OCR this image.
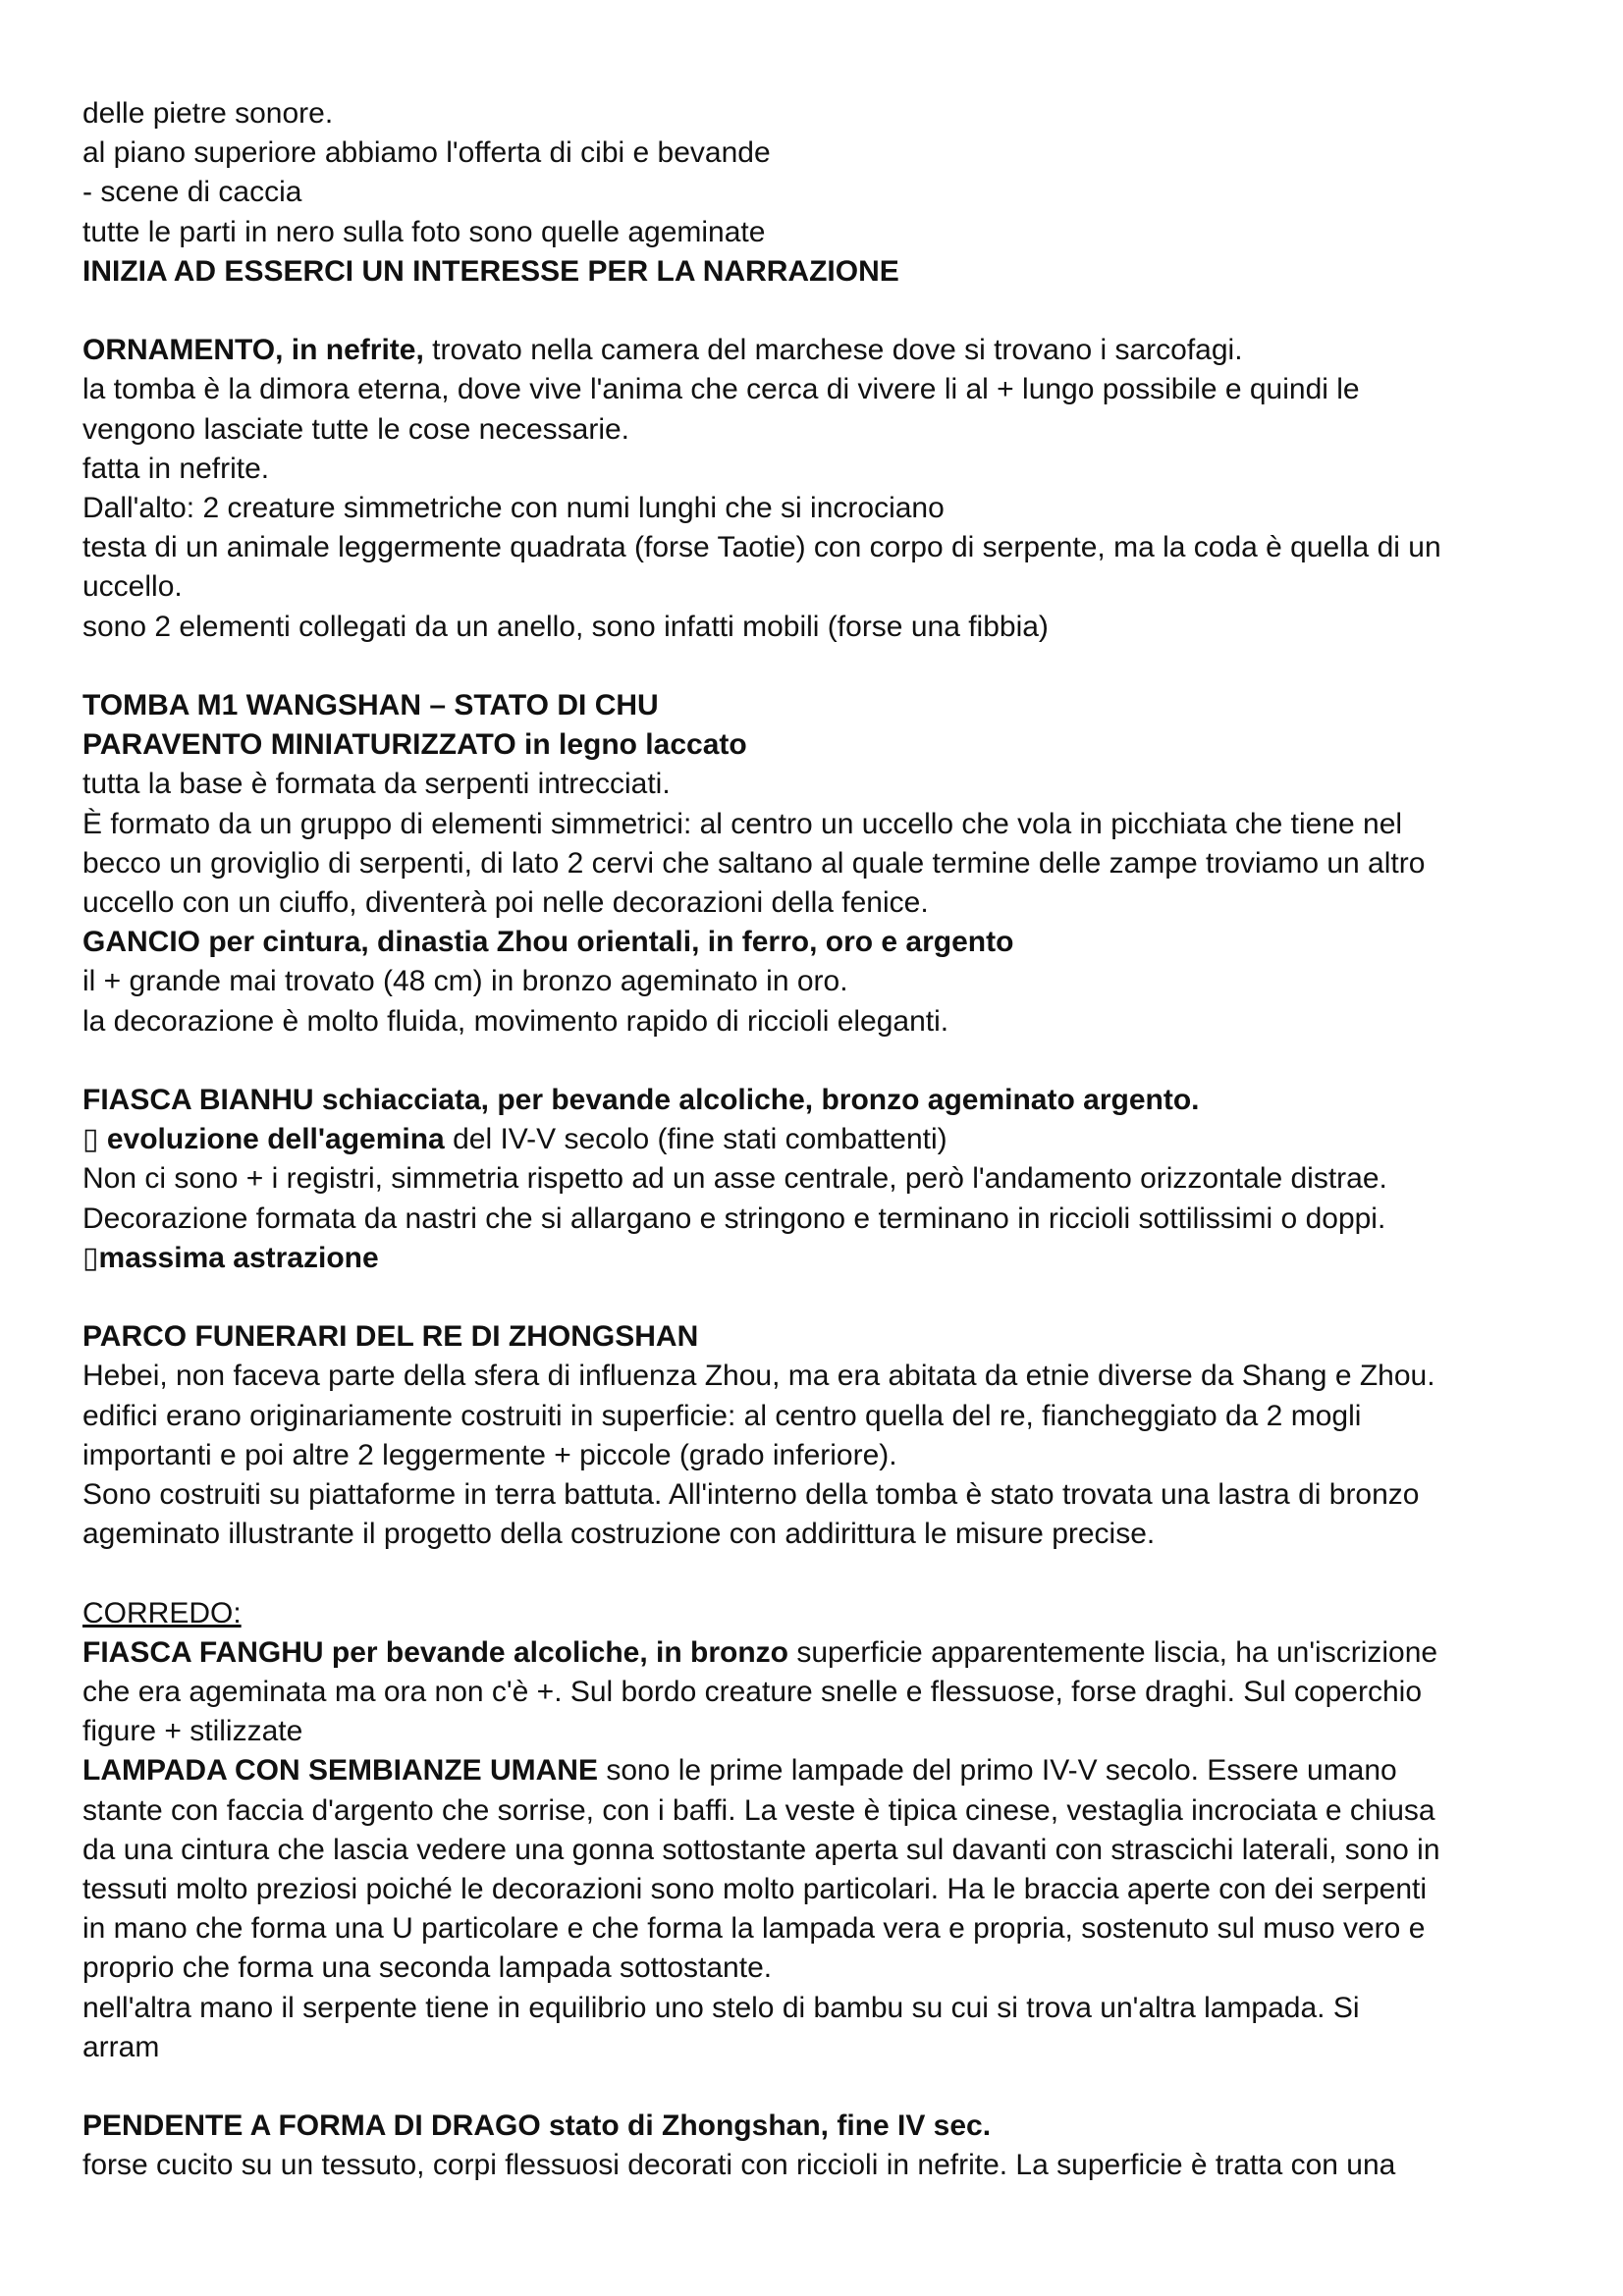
delle pietre sonore.
al piano superiore abbiamo l'offerta di cibi e bevande
- scene di caccia
tutte le parti in nero sulla foto sono quelle ageminate
INIZIA AD ESSERCI UN INTERESSE PER LA NARRAZIONE
ORNAMENTO, in nefrite, trovato nella camera del marchese dove si trovano i sarcofagi.
la tomba è la dimora eterna, dove vive l'anima che cerca di vivere li al + lungo possibile e quindi le
vengono lasciate tutte le cose necessarie.
fatta in nefrite.
Dall'alto: 2 creature simmetriche con numi lunghi che si incrociano
testa di un animale leggermente quadrata (forse Taotie) con corpo di serpente, ma la coda è quella di un
uccello.
sono 2 elementi collegati da un anello, sono infatti mobili (forse una fibbia)
TOMBA M1 WANGSHAN – STATO DI CHU
PARAVENTO MINIATURIZZATO in legno laccato
tutta la base è formata da serpenti intrecciati.
È formato da un gruppo di elementi simmetrici: al centro un uccello che vola in picchiata che tiene nel
becco un groviglio di serpenti, di lato 2 cervi che saltano al quale termine delle zampe troviamo un altro
uccello con un ciuffo, diventerà poi nelle decorazioni della fenice.
GANCIO per cintura, dinastia Zhou orientali, in ferro, oro e argento
il + grande mai trovato (48 cm) in bronzo ageminato in oro.
la decorazione è molto fluida, movimento rapido di riccioli eleganti.
FIASCA BIANHU schiacciata, per bevande alcoliche, bronzo ageminato argento.
▯ evoluzione dell'agemina del IV-V secolo (fine stati combattenti)
Non ci sono + i registri, simmetria rispetto ad un asse centrale, però l'andamento orizzontale distrae.
Decorazione formata da nastri che si allargano e stringono e terminano in riccioli sottilissimi o doppi.
▯massima astrazione
PARCO FUNERARI DEL RE DI ZHONGSHAN
Hebei, non faceva parte della sfera di influenza Zhou, ma era abitata da etnie diverse da Shang e Zhou.
edifici erano originariamente costruiti in superficie: al centro quella del re, fiancheggiato da 2 mogli
importanti e poi altre 2 leggermente + piccole (grado inferiore).
Sono costruiti su piattaforme in terra battuta. All'interno della tomba è stato trovata una lastra di bronzo
ageminato illustrante il progetto della costruzione con addirittura le misure precise.
CORREDO:
FIASCA FANGHU per bevande alcoliche, in bronzo superficie apparentemente liscia, ha un'iscrizione
che era ageminata ma ora non c'è +. Sul bordo creature snelle e flessuose, forse draghi. Sul coperchio
figure + stilizzate
LAMPADA CON SEMBIANZE UMANE sono le prime lampade del primo IV-V secolo. Essere umano
stante con faccia d'argento che sorrise, con i baffi. La veste è tipica cinese, vestaglia incrociata e chiusa
da una cintura che lascia vedere una gonna sottostante aperta sul davanti con strascichi laterali, sono in
tessuti molto preziosi poiché le decorazioni sono molto particolari. Ha le braccia aperte con dei serpenti
in mano che forma una U particolare e che forma la lampada vera e propria, sostenuto sul muso vero e
proprio che forma una seconda lampada sottostante.
nell'altra mano il serpente tiene in equilibrio uno stelo di bambu su cui si trova un'altra lampada. Si
arram
PENDENTE A FORMA DI DRAGO stato di Zhongshan, fine IV sec.
forse cucito su un tessuto, corpi flessuosi decorati con riccioli in nefrite. La superficie è tratta con una
